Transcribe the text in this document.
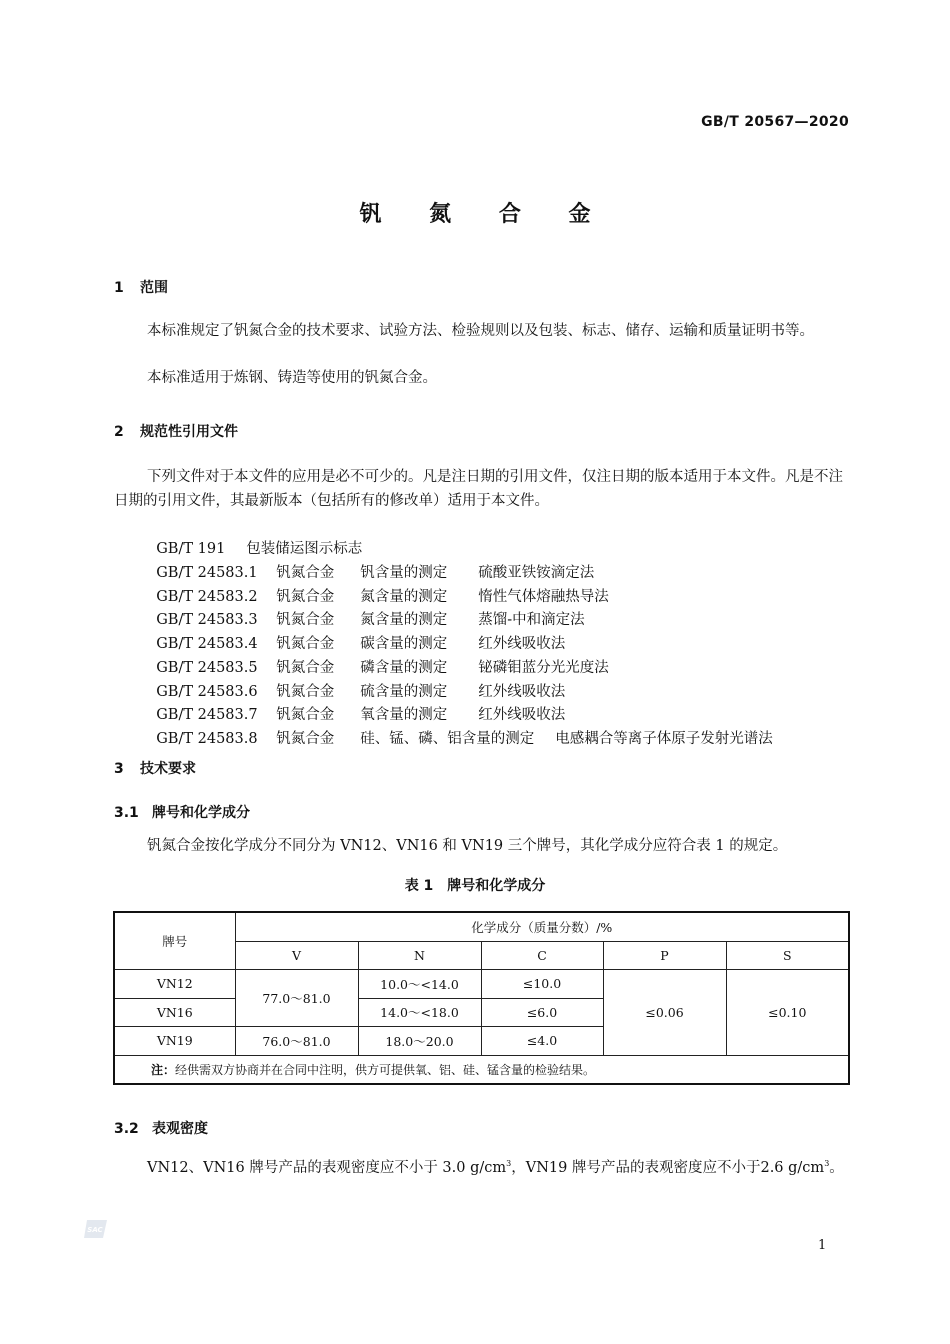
GB/T 20567—2020
钒 氮 合 金
1 范围
本标准规定了钒氮合金的技术要求、试验方法、检验规则以及包装、标志、储存、运输和质量证明书等。
本标准适用于炼钢、铸造等使用的钒氮合金。
2 规范性引用文件
下列文件对于本文件的应用是必不可少的。凡是注日期的引用文件，仅注日期的版本适用于本文件。凡是不注日期的引用文件，其最新版本（包括所有的修改单）适用于本文件。

GB/T 191 包装储运图示标志

GB/T 24583.1 钒氮合金 钒含量的测定 硫酸亚铁铵滴定法

GB/T 24583.2 钒氮合金 氮含量的测定 惰性气体熔融热导法

GB/T 24583.3 钒氮合金 氮含量的测定 蒸馏-中和滴定法

GB/T 24583.4 钒氮合金 碳含量的测定 红外线吸收法

GB/T 24583.5 钒氮合金 磷含量的测定 铋磷钼蓝分光光度法

GB/T 24583.6 钒氮合金 硫含量的测定 红外线吸收法

GB/T 24583.7 钒氮合金 氧含量的测定 红外线吸收法

GB/T 24583.8 钒氮合金 硅、锰、磷、铝含量的测定 电感耦合等离子体原子发射光谱法

3 技术要求
3.1 牌号和化学成分
钒氮合金按化学成分不同分为 VN12、VN16 和 VN19 三个牌号，其化学成分应符合表 1 的规定。
表 1　牌号和化学成分
牌号	化学成分（质量分数）/%				
	V	N	C	P	S
VN12	77.0～81.0	10.0～<14.0	≤10.0	≤0.06	≤0.10
VN16		14.0～<18.0	≤6.0		
VN19	76.0～81.0	18.0～20.0	≤4.0		
注：经供需双方协商并在合同中注明，供方可提供氧、铝、硅、锰含量的检验结果。					
3.2 表观密度
VN12、VN16 牌号产品的表观密度应不小于 3.0 $g/cm^3$，VN19 牌号产品的表观密度应不小于2.6 $g/cm^3$。
SAC
1
